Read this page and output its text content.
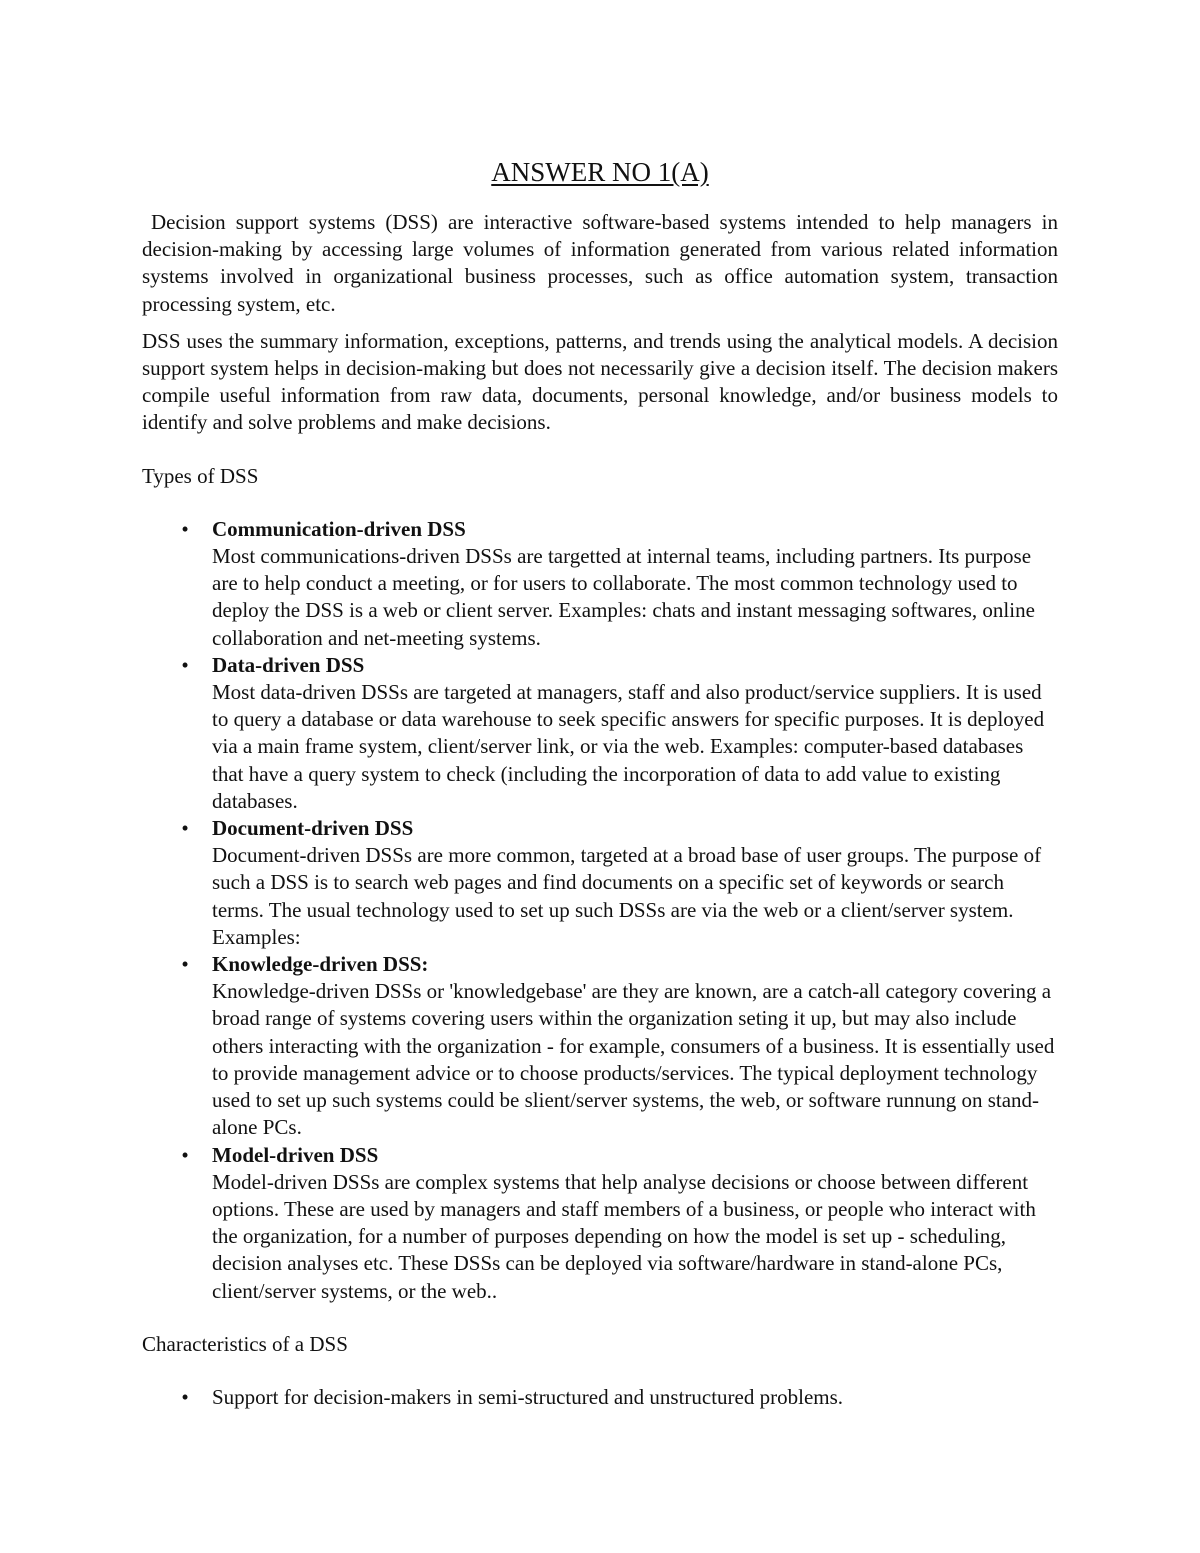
ANSWER NO 1(A)

Decision support systems (DSS) are interactive software-based systems intended to help managers in decision-making by accessing large volumes of information generated from various related information systems involved in organizational business processes, such as office automation system, transaction processing system, etc.

DSS uses the summary information, exceptions, patterns, and trends using the analytical models. A decision support system helps in decision-making but does not necessarily give a decision itself. The decision makers compile useful information from raw data, documents, personal knowledge, and/or business models to identify and solve problems and make decisions.

Types of DSS

•	Communication-driven DSS
Most communications-driven DSSs are targetted at internal teams, including partners. Its purpose are to help conduct a meeting, or for users to collaborate. The most common technology used to deploy the DSS is a web or client server. Examples: chats and instant messaging softwares, online collaboration and net-meeting systems.
•	Data-driven DSS
Most data-driven DSSs are targeted at managers, staff and also product/service suppliers. It is used to query a database or data warehouse to seek specific answers for specific purposes. It is deployed via a main frame system, client/server link, or via the web. Examples: computer-based databases that have a query system to check (including the incorporation of data to add value to existing databases.
•	Document-driven DSS
Document-driven DSSs are more common, targeted at a broad base of user groups. The purpose of such a DSS is to search web pages and find documents on a specific set of keywords or search terms. The usual technology used to set up such DSSs are via the web or a client/server system. Examples:
•	Knowledge-driven DSS:
Knowledge-driven DSSs or 'knowledgebase' are they are known, are a catch-all category covering a broad range of systems covering users within the organization seting it up, but may also include others interacting with the organization - for example, consumers of a business. It is essentially used to provide management advice or to choose products/services. The typical deployment technology used to set up such systems could be slient/server systems, the web, or software runnung on stand-alone PCs.
•	Model-driven DSS
Model-driven DSSs are complex systems that help analyse decisions or choose between different options. These are used by managers and staff members of a business, or people who interact with the organization, for a number of purposes depending on how the model is set up - scheduling, decision analyses etc. These DSSs can be deployed via software/hardware in stand-alone PCs, client/server systems, or the web..

Characteristics of a DSS

•	Support for decision-makers in semi-structured and unstructured problems.
